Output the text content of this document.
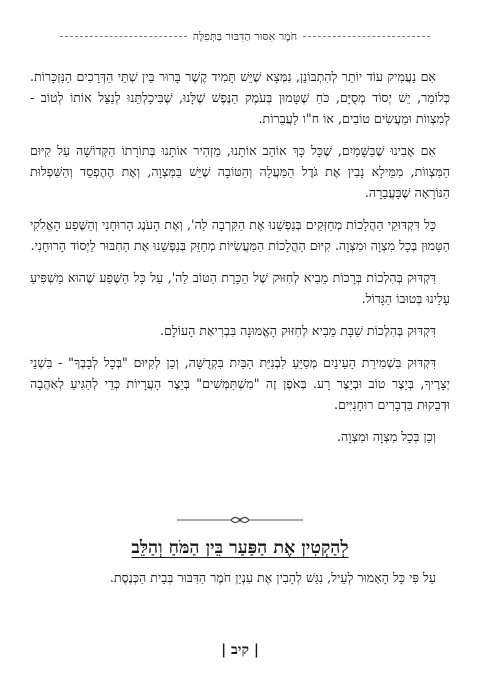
חֹמֶר אִסּוּר הַדִּבּוּר בַּתְּפִלָּה

אִם נַעֲמִיק עוֹד יוֹתֵר לְהִתְבּוֹנֵן, נִמְצָא שֶׁיֵּשׁ תָּמִיד קֶשֶׁר בָּרוּר בֵּין שְׁתֵּי הַדְּרָכִים הַנִּזְכָּרוֹת. כְּלוֹמַר, יֵשׁ יְסוֹד מְסֻיָּם, כֹּחַ שֶׁטָּמוּן בְּעֹמֶק הַנֶּפֶשׁ שֶׁלָּנוּ, שֶׁבִּיכָלְתֵּנוּ לְנַצֵּל אוֹתוֹ לְטוֹב - לְמִצְווֹת וּמַעֲשִׂים טוֹבִים, אוֹ ח"ו לַעֲבֵרוֹת.

אִם אָבִינוּ שֶׁבַּשָּׁמַיִם, שֶׁכָּל כָּךְ אוֹהֵב אוֹתָנוּ, מַזְהִיר אוֹתָנוּ בְּתוֹרָתוֹ הַקְּדוֹשָׁה עַל קִיּוּם הַמִּצְווֹת, מִמֵּילָא נָבִין אֶת גֹּדֶל הַמַּעֲלָה וְהַטּוֹבָה שֶׁיֵּשׁ בַּמִּצְוָה, וְאֶת הֶהֶפְסֵד וְהַשִּׁפְלוּת הַנּוֹרָאָה שֶׁבָּעֲבֵרָה.

כָּל דִּקְדּוּקֵי הַהֲלָכוֹת מְחַזְּקִים בְּנַפְשֵׁנוּ אֶת הַקִּרְבָה לַה', וְאֶת הָעֹנֶג הָרוּחָנִי וְהַשֶּׁפַע הָאֱלֹקִי הַטָּמוּן בְּכָל מִצְוָה וּמִצְוָה. קִיּוּם הַהֲלָכוֹת הַמַּעֲשִׂיּוֹת מְחַזֵּק בְּנַפְשֵׁנוּ אֶת הַחִבּוּר לַיְּסוֹד הָרוּחָנִי.

דִּקְדּוּק בְּהִלְכוֹת בְּרָכוֹת מֵבִיא לְחִזּוּק שֶׁל הַכָּרַת הַטּוֹב לַה', עַל כָּל הַשֶּׁפַע שֶׁהוּא מַשְׁפִּיעַ עָלֵינוּ בְּטוּבוֹ הַגָּדוֹל.

דִּקְדּוּק בְּהִלְכוֹת שַׁבָּת מֵבִיא לְחִזּוּק הָאֱמוּנָה בִּבְרִיאַת הָעוֹלָם.

דִּקְדּוּק בִּשְׁמִירַת הָעֵינַיִם מְסַיֵּעַ לִבְנִיַּת הַבַּיִת בִּקְדֻשָּׁה, וְכֵן לְקִיּוּם "בְּכָל לְבָבְךָ" - בִּשְׁנֵי יְצָרֶיךָ, בְּיֵצֶר טוֹב וּבְיֵצֶר רָע. בְּאֹפֶן זֶה "מִשְׁתַּמְּשִׁים" בְּיֵצֶר הָעֲרָיוֹת כְּדֵי לְהַגִּיעַ לְאַהֲבָה וּדְבֵקוּת בִּדְבָרִים רוּחָנִיִּים.

וְכֵן בְּכָל מִצְוָה וּמִצְוָה.

לְהַקְטִין אֶת הַפַּעַר בֵּין הַמֹּחַ וְהַלֵּב

עַל פִּי כָּל הָאָמוּר לְעֵיל, נִגַּשׁ לְהָבִין אֶת עִנְיַן חֹמֶר הַדִּבּוּר בְּבֵית הַכְּנֶסֶת.

| קיב |
